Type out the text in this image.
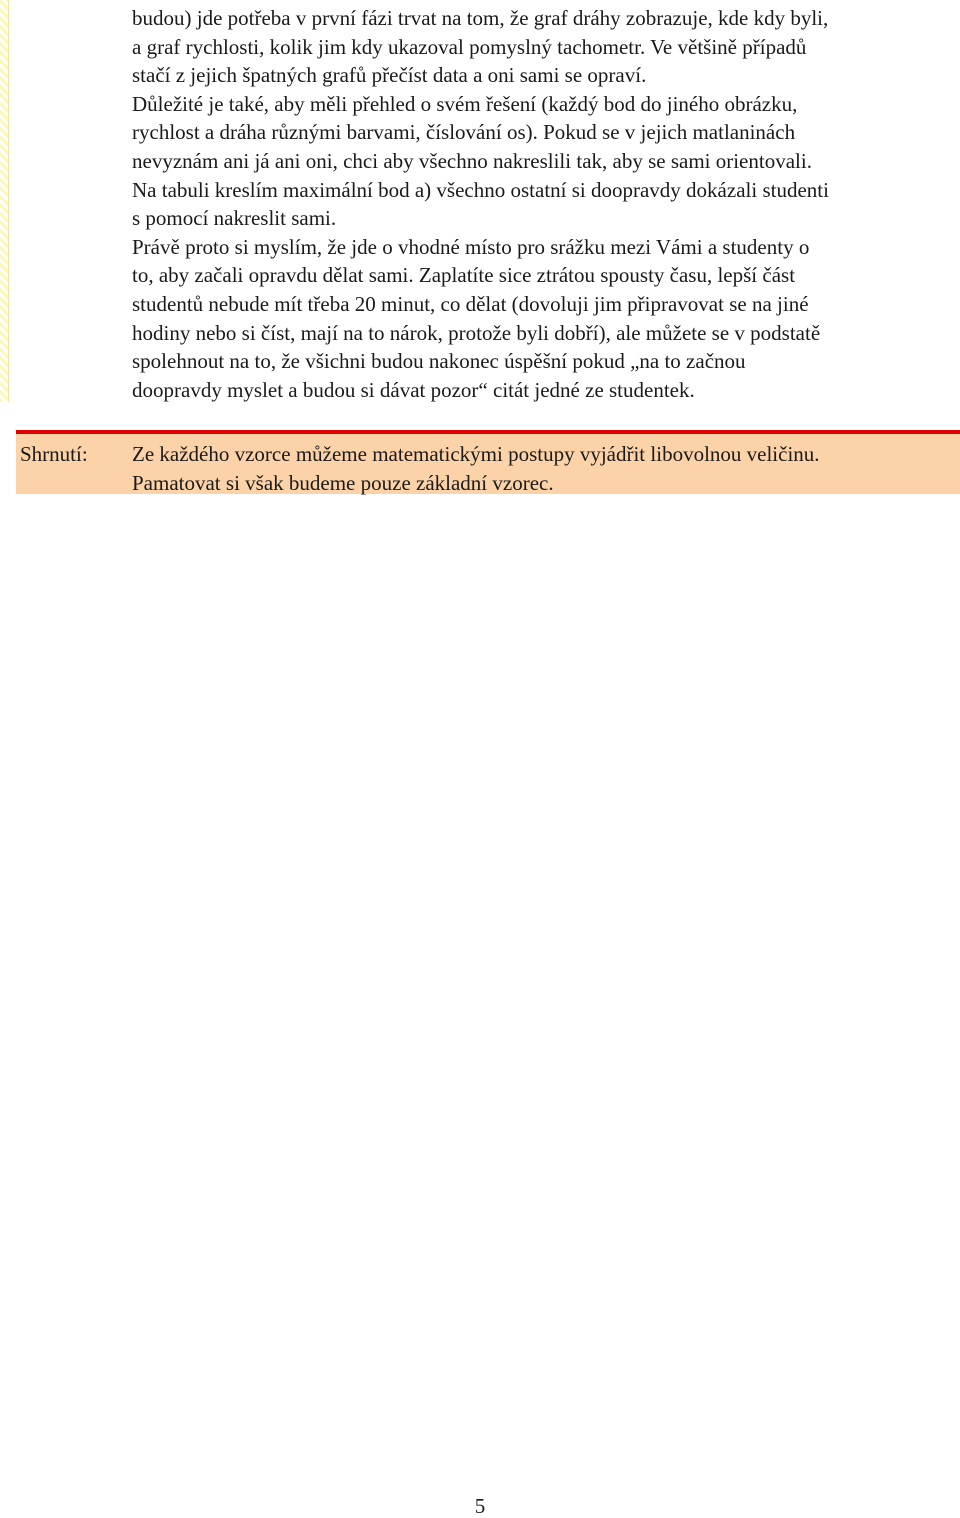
budou) jde potřeba v první fázi trvat na tom, že graf dráhy zobrazuje, kde kdy byli,
a graf rychlosti, kolik jim kdy ukazoval pomyslný tachometr. Ve většině případů
stačí z jejich špatných grafů přečíst data a oni sami se opraví.
Důležité je také, aby měli přehled o svém řešení (každý bod do jiného obrázku,
rychlost a dráha různými barvami, číslování os). Pokud se v jejich matlaninách
nevyznám ani já ani oni, chci aby všechno nakreslili tak, aby se sami orientovali.
Na tabuli kreslím maximální bod a) všechno ostatní si doopravdy dokázali studenti
s pomocí nakreslit sami.
Právě proto si myslím, že jde o vhodné místo pro srážku mezi Vámi a studenty o
to, aby začali opravdu dělat sami. Zaplatíte sice ztrátou spousty času, lepší část
studentů nebude mít třeba 20 minut, co dělat (dovoluji jim připravovat se na jiné
hodiny nebo si číst, mají na to nárok, protože byli dobří), ale můžete se v podstatě
spolehnout na to, že všichni budou nakonec úspěšní pokud „na to začnou
doopravdy myslet a budou si dávat pozor“ citát jedné ze studentek.
Shrnutí: Ze každého vzorce můžeme matematickými postupy vyjádřit libovolnou veličinu.
Pamatovat si však budeme pouze základní vzorec.
5
